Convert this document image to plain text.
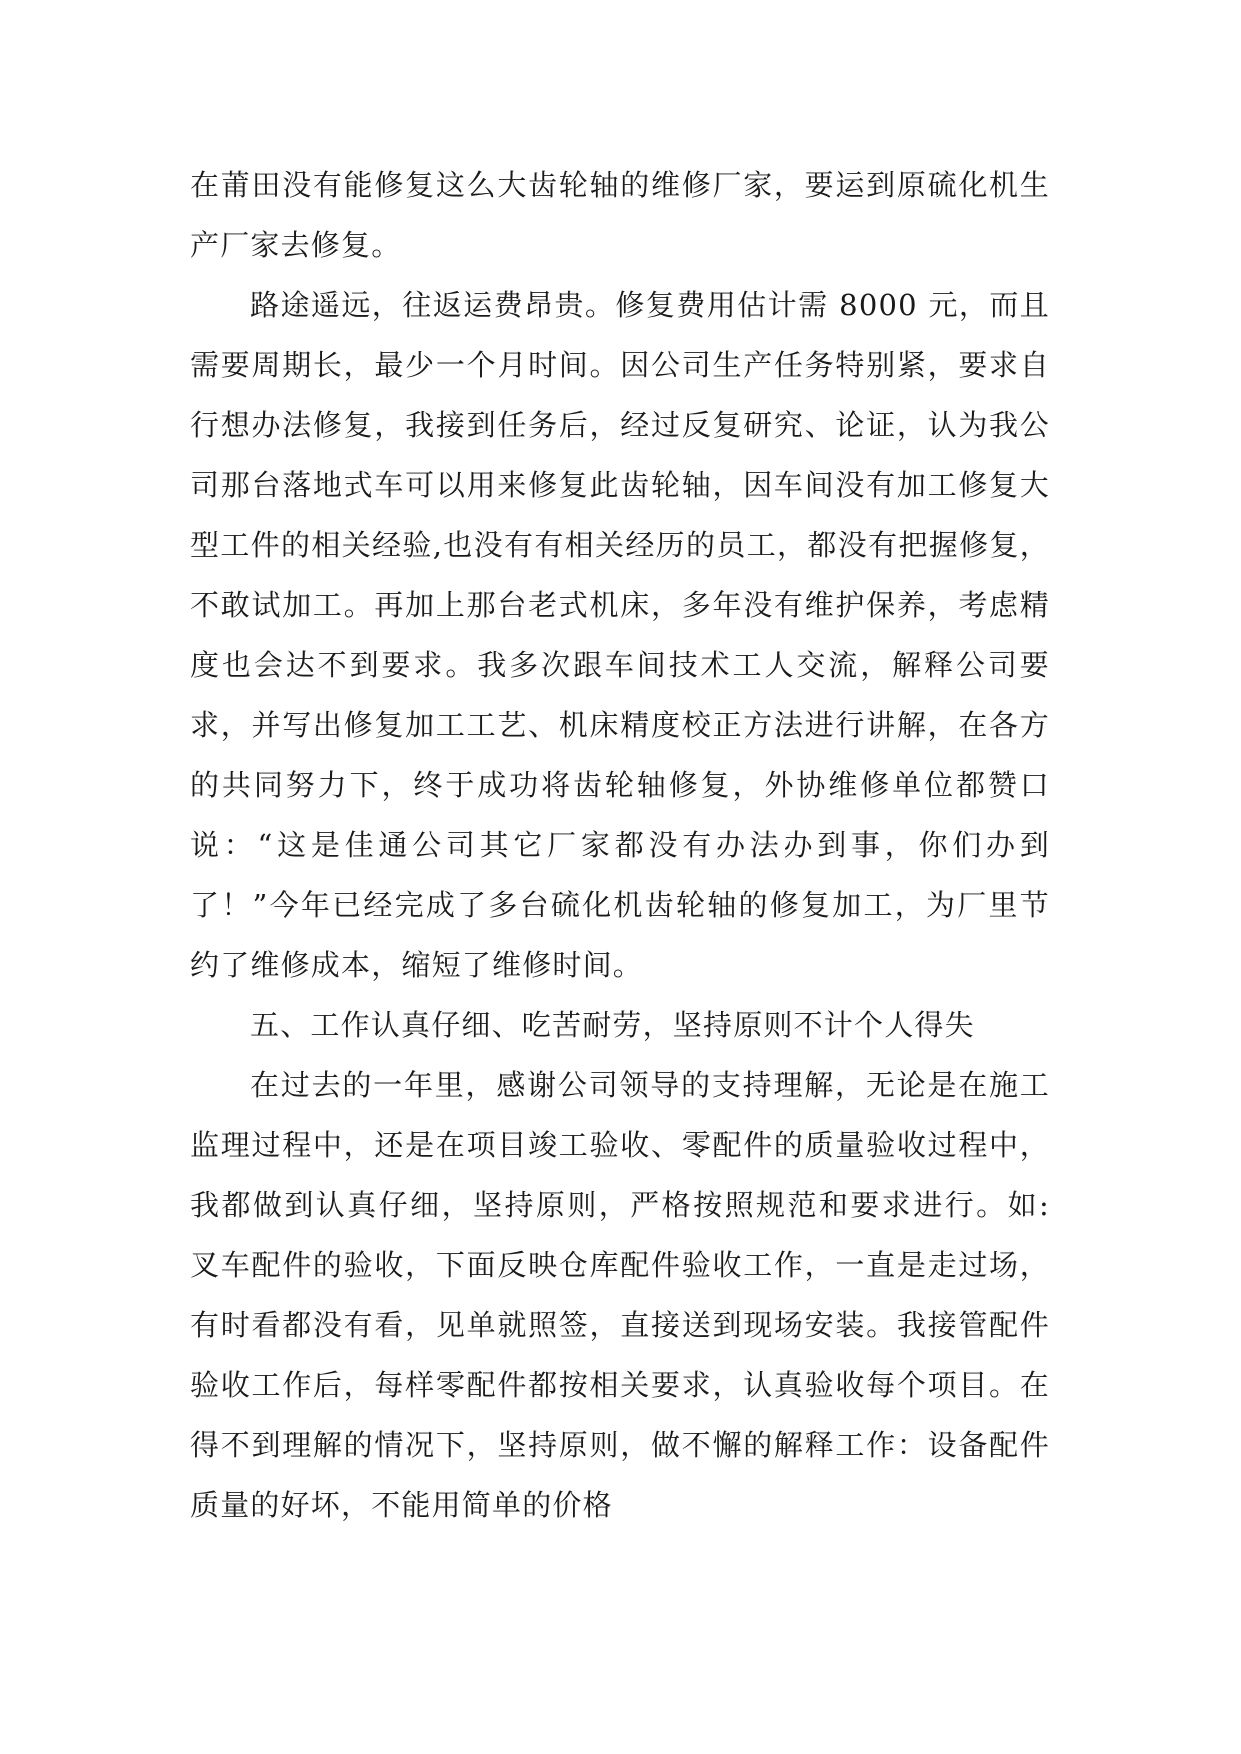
在莆田没有能修复这么大齿轮轴的维修厂家，要运到原硫化机生产厂家去修复。

路途遥远，往返运费昂贵。修复费用估计需 8000 元，而且需要周期长，最少一个月时间。因公司生产任务特别紧，要求自行想办法修复，我接到任务后，经过反复研究、论证，认为我公司那台落地式车可以用来修复此齿轮轴，因车间没有加工修复大型工件的相关经验,也没有有相关经历的员工，都没有把握修复，不敢试加工。再加上那台老式机床，多年没有维护保养，考虑精度也会达不到要求。我多次跟车间技术工人交流，解释公司要求，并写出修复加工工艺、机床精度校正方法进行讲解，在各方的共同努力下，终于成功将齿轮轴修复，外协维修单位都赞口说：“这是佳通公司其它厂家都没有办法办到事，你们办到了！”今年已经完成了多台硫化机齿轮轴的修复加工，为厂里节约了维修成本，缩短了维修时间。

五、工作认真仔细、吃苦耐劳，坚持原则不计个人得失

在过去的一年里，感谢公司领导的支持理解，无论是在施工监理过程中，还是在项目竣工验收、零配件的质量验收过程中，我都做到认真仔细，坚持原则，严格按照规范和要求进行。如: 叉车配件的验收，下面反映仓库配件验收工作，一直是走过场，有时看都没有看，见单就照签，直接送到现场安装。我接管配件验收工作后，每样零配件都按相关要求，认真验收每个项目。在得不到理解的情况下，坚持原则，做不懈的解释工作：设备配件质量的好坏，不能用简单的价格
